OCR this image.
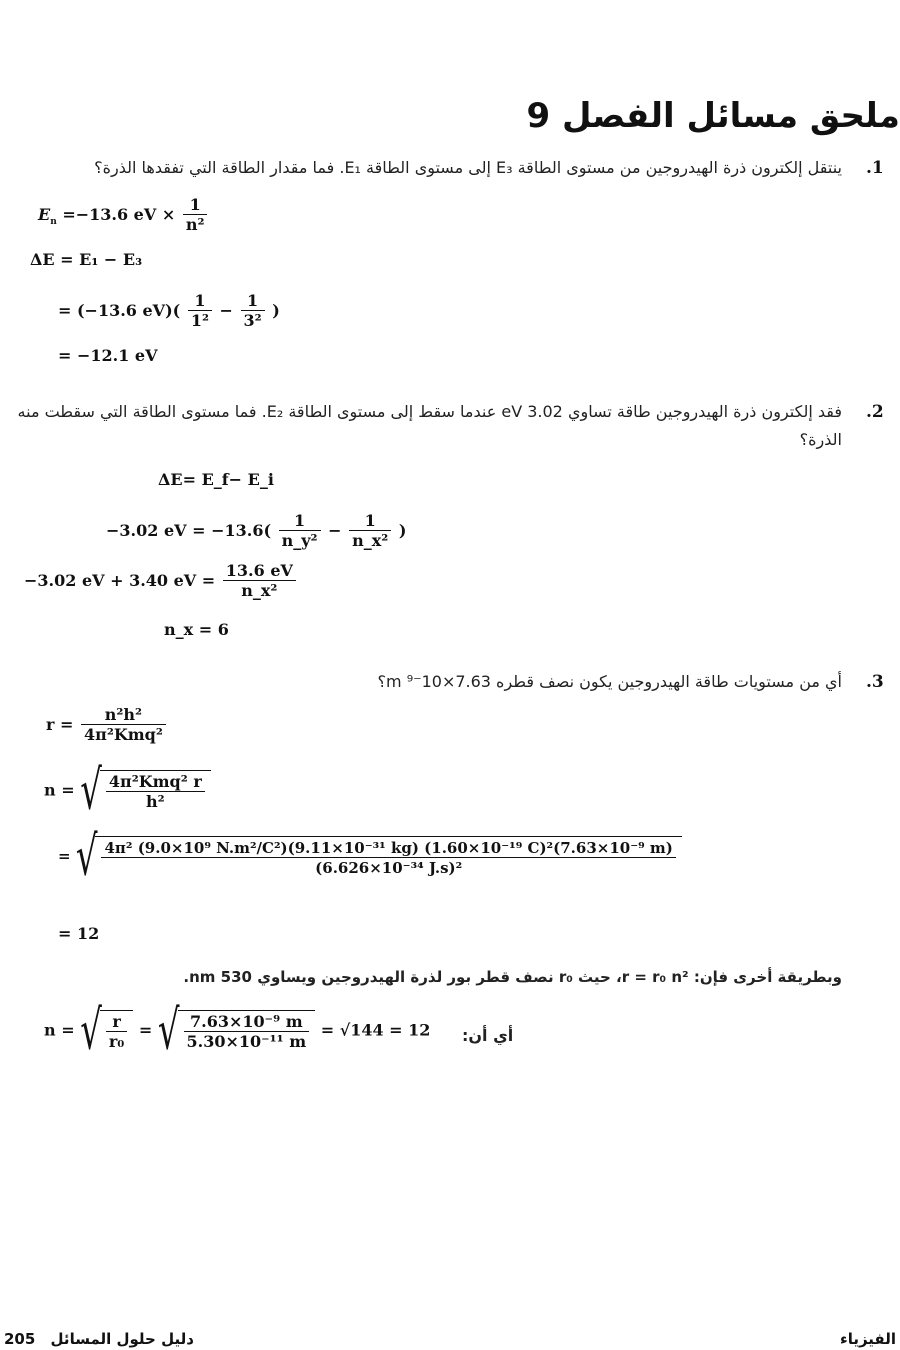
ملحق مسائل الفصل 9
.1
ينتقل إلكترون ذرة الهيدروجين من مستوى الطاقة E₃ إلى مستوى الطاقة E₁. فما مقدار الطاقة التي تفقدها الذرة؟
$E_n =-13.6$ eV × $\frac{1}{\text{n²}}$
ΔE = E₁ − E₃
= (−13.6 $eV)( \frac{1}{\text{1²}} - \frac{1}{\text{3²}}$ )
= −12.1 eV
.2
فقد إلكترون ذرة الهيدروجين طاقة تساوي 3.02 eV عندما سقط إلى مستوى الطاقة E₂. فما مستوى الطاقة التي سقطت منه
الذرة؟
ΔE= E_f− E_i
−3.02 eV = $-13.6( \frac{1}{\text{n\_y²}} - \frac{1}{\text{n\_x²}}$ )
−3.02 eV + 3.40 eV = $\frac{13.6 eV}{\text{n\_x²}}$
n_x = 6
.3
أي من مستويات طاقة الهيدروجين يكون نصف قطره 7.63×10⁻⁹ m؟
$r = \frac{\text{n²h²}}{\text{4π²Kmq²}}$
n = √ $\frac{\text{4π²Kmq² r}}{\text{h²}}$
= √ 4π² (9.0×10⁹ N.m²/C²)(9.11×10⁻³¹ kg) (1.60×10⁻¹⁹ C)²(7.63×10⁻⁹ m)
(6.626×10⁻³⁴ J.s)²
= 12
وبطريقة أخرى فإن: r = r₀ n²، حيث r₀ نصف قطر بور لذرة الهيدروجين ويساوي 530 nm.
n = √ $\frac{r}{\text{r₀}}$ = √ $\frac{\text{7.63×10⁻⁹ m}}{\text{5.30×10⁻¹¹ m}} = √144 = 12$ أي أن:
205 دليل حلول المسائل	الفيزياء
